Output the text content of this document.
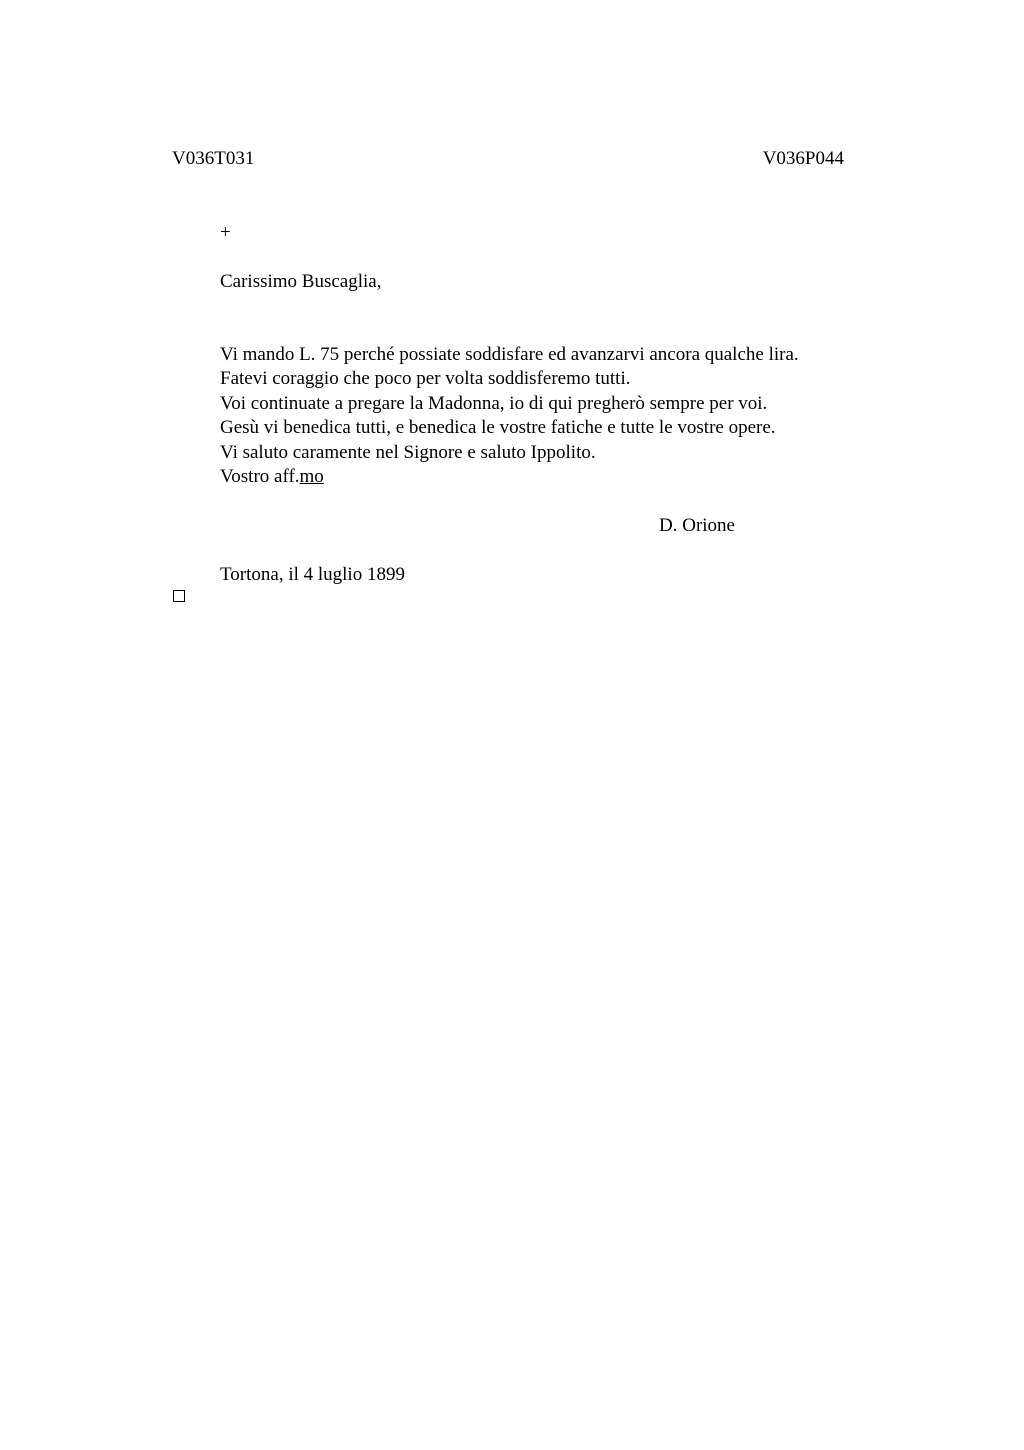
V036T031	V036P044
+
Carissimo Buscaglia,
Vi mando L. 75 perché possiate soddisfare ed avanzarvi ancora qualche lira.
Fatevi coraggio che poco per volta soddisferemo tutti.
Voi continuate a pregare la Madonna, io di qui pregherò sempre per voi.
Gesù vi benedica tutti, e benedica le vostre fatiche e tutte le vostre opere.
Vi saluto caramente nel Signore e saluto Ippolito.
Vostro aff.mo
D. Orione
Tortona, il 4 luglio 1899
